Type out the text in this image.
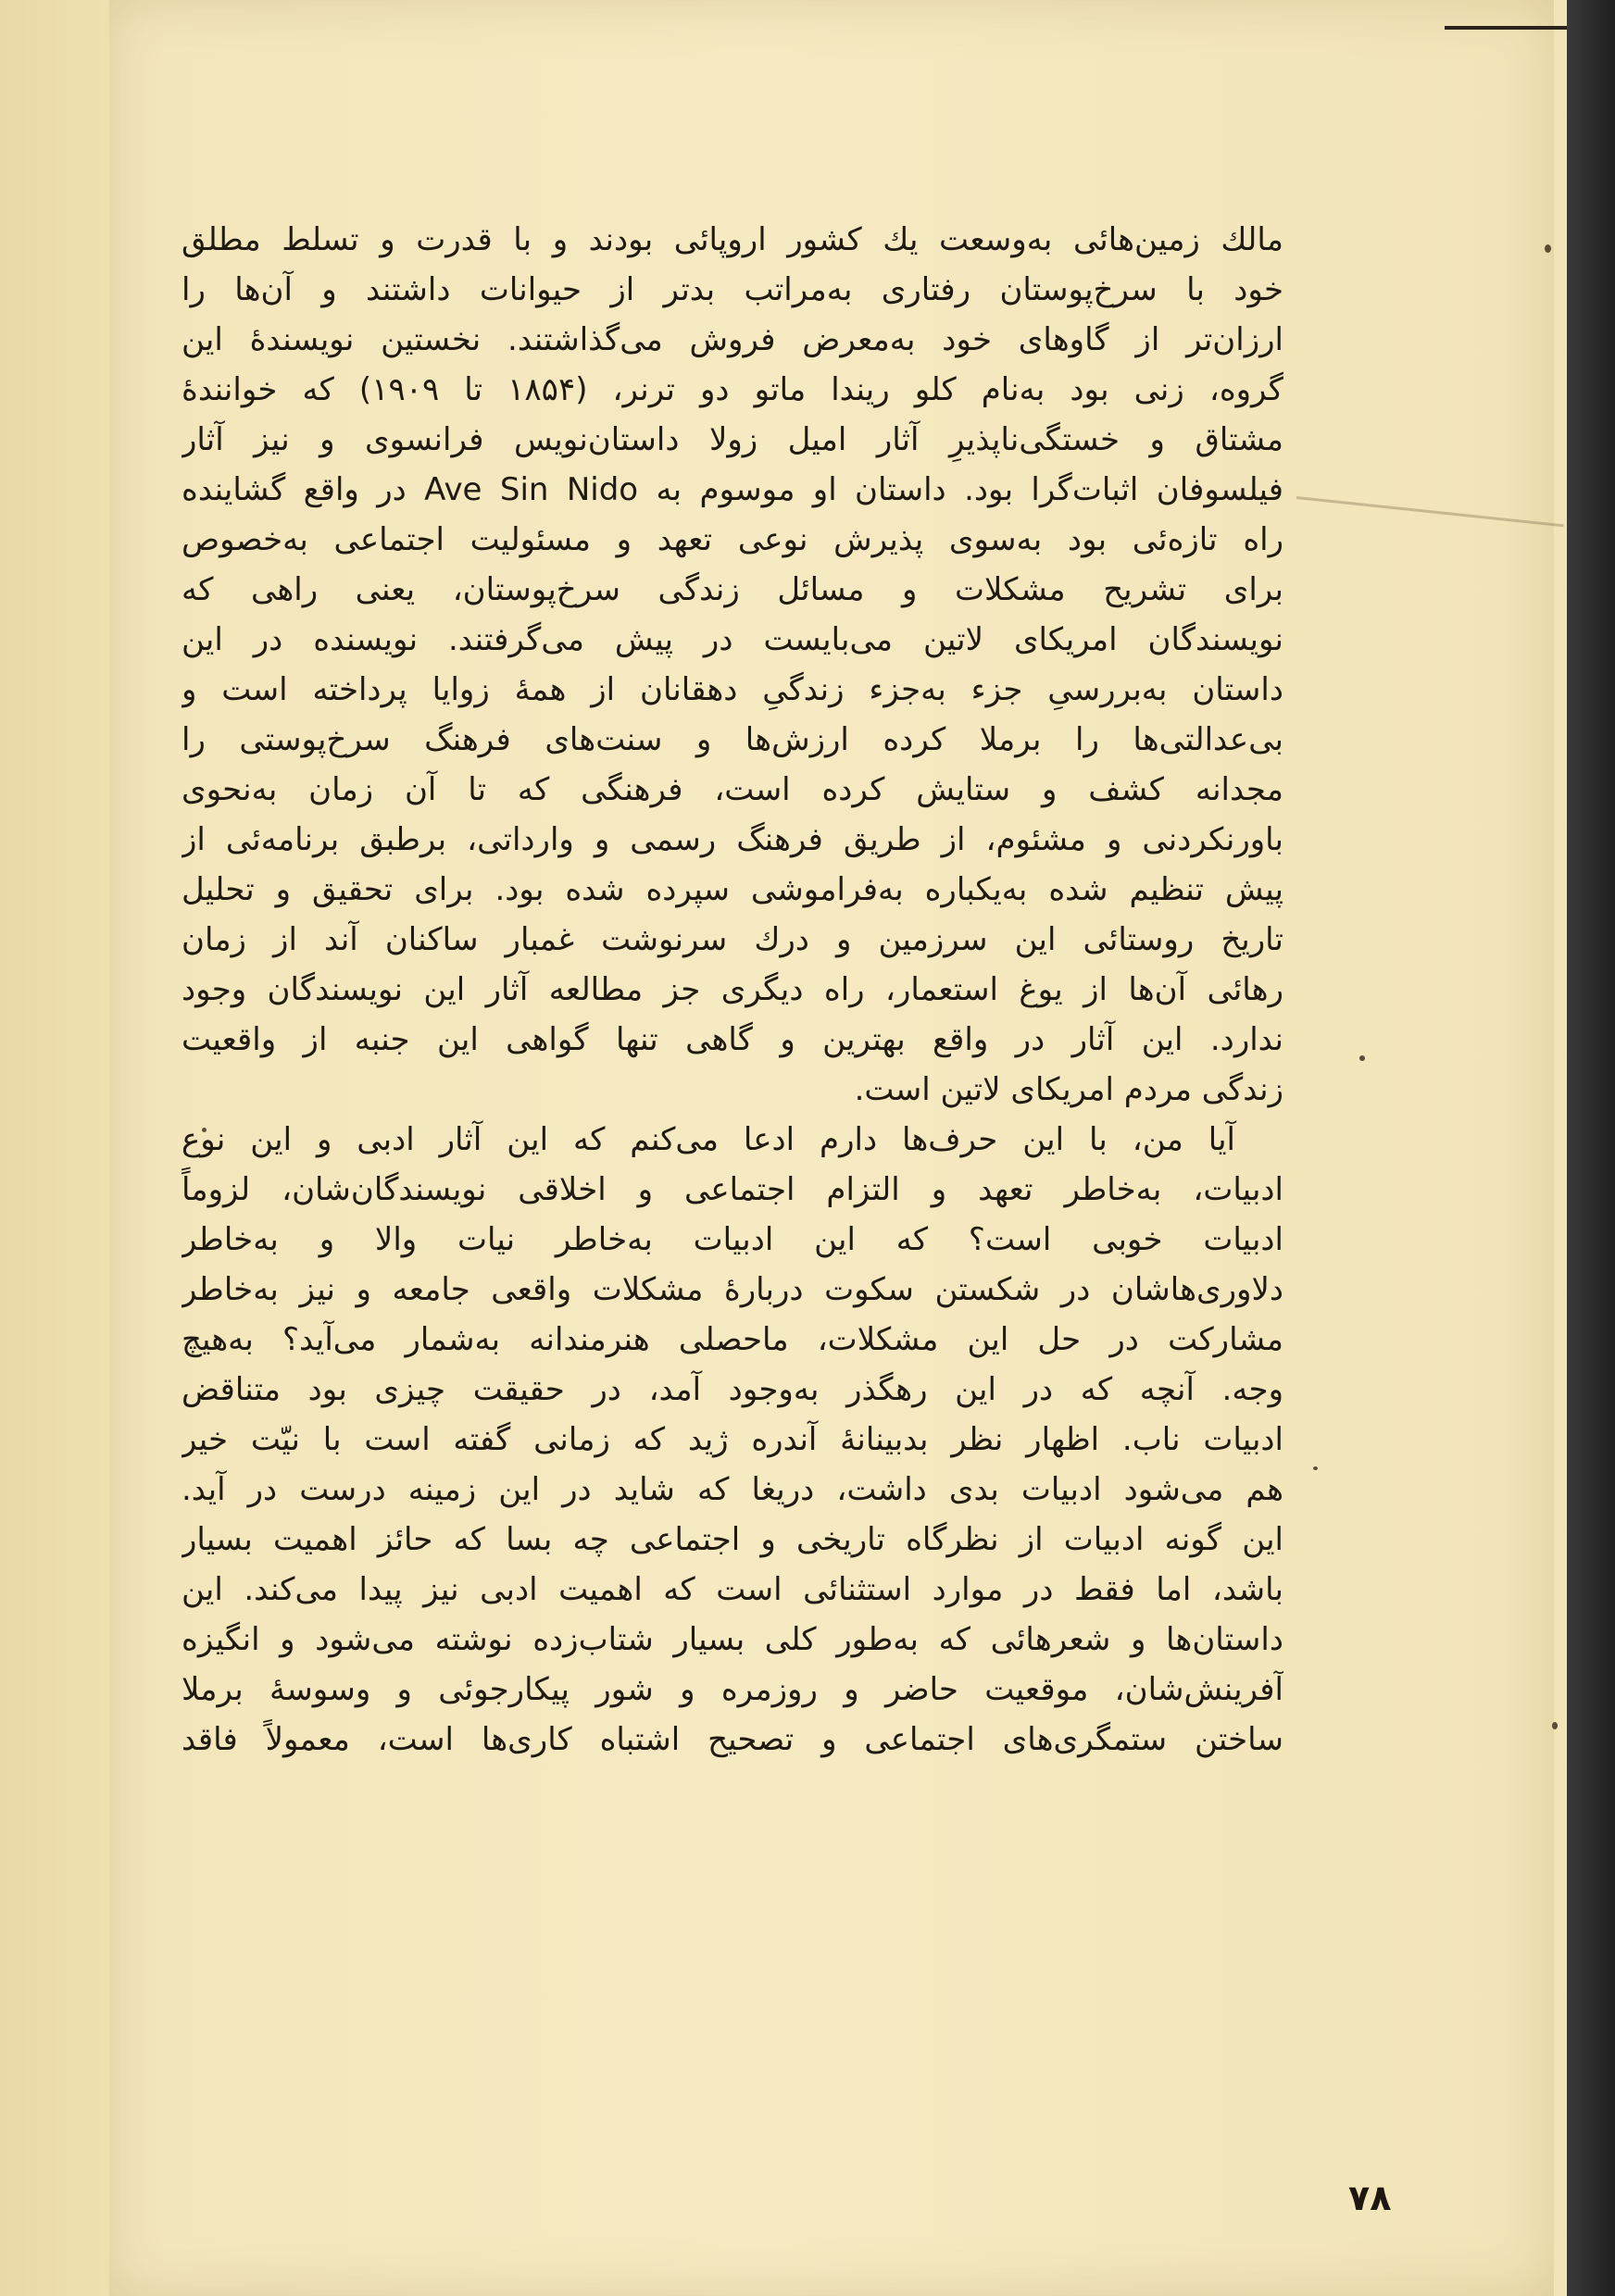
مالك زمین‌هائی به‌وسعت یك كشور اروپائی بودند و با قدرت و تسلط مطلق
خود با سرخ‌پوستان رفتاری به‌مراتب بدتر از حیوانات داشتند و آن‌ها را
ارزان‌تر از گاوهای خود به‌معرض فروش می‌گذاشتند. نخستین نویسندهٔ این
گروه، زنی بود به‌نام كلو ریندا ماتو دو ترنر، (۱۸۵۴ تا ۱۹۰۹) که خوانندهٔ
مشتاق و خستگی‌ناپذیرِ آثار امیل زولا داستان‌نویس فرانسوی و نیز آثار
فیلسوفان اثبات‌گرا بود. داستان او موسوم به Ave Sin Nido در واقع گشاینده
راه تازه‌ئی بود به‌سوی پذیرش نوعی تعهد و مسئولیت اجتماعی به‌خصوص
برای تشریح مشکلات و مسائل زندگی سرخ‌پوستان، یعنی راهی که
نویسندگان امریکای لاتین می‌بایست در پیش می‌گرفتند. نویسنده در این
داستان به‌بررسیِ جزء به‌جزء زندگیِ دهقانان از همهٔ زوایا پرداخته است و
بی‌عدالتی‌ها را برملا کرده ارزش‌ها و سنت‌های فرهنگ سرخ‌پوستی را
مجدانه کشف و ستایش کرده است، فرهنگی که تا آن زمان به‌نحوی
باورنکردنی و مشئوم، از طریق فرهنگ رسمی و وارداتی، برطبق برنامه‌ئی از
پیش تنظیم شده به‌یکباره به‌فراموشی سپرده شده بود. برای تحقیق و تحلیل
تاریخ روستائی این سرزمین و درك سرنوشت غمبار ساکنان آند از زمان
رهائی آن‌ها از یوغ استعمار، راه دیگری جز مطالعه آثار این نویسندگان وجود
ندارد. این آثار در واقع بهترین و گاهی تنها گواهی این جنبه از واقعیت
زندگی مردم امریکای لاتین است.
آیا من، با این حرف‌ها دارم ادعا می‌کنم که این آثار ادبی و این نوع
ادبیات، به‌خاطر تعهد و التزام اجتماعی و اخلاقی نویسندگان‌شان، لزوماً
ادبیات خوبی است؟ که این ادبیات به‌خاطر نیات والا و به‌خاطر
دلاوری‌هاشان در شکستن سکوت دربارهٔ مشکلات واقعی جامعه و نیز به‌خاطر
مشارکت در حل این مشکلات، ماحصلی هنرمندانه به‌شمار می‌آید؟ به‌هیچ
وجه. آنچه که در این رهگذر به‌وجود آمد، در حقیقت چیزی بود متناقض
ادبیات ناب. اظهار نظر بدبینانهٔ آندره ژید که زمانی گفته است با نیّت خیر
هم می‌شود ادبیات بدی داشت، دریغا که شاید در این زمینه درست در آید.
این گونه ادبیات از نظرگاه تاریخی و اجتماعی چه بسا که حائز اهمیت بسیار
باشد، اما فقط در موارد استثنائی است که اهمیت ادبی نیز پیدا می‌کند. این
داستان‌ها و شعرهائی که به‌طور کلی بسیار شتاب‌زده نوشته می‌شود و انگیزه
آفرینش‌شان، موقعیت حاضر و روزمره و شور پیکارجوئی و وسوسهٔ برملا
ساختن ستمگری‌های اجتماعی و تصحیح اشتباه کاری‌ها است، معمولاً فاقد
۷۸
